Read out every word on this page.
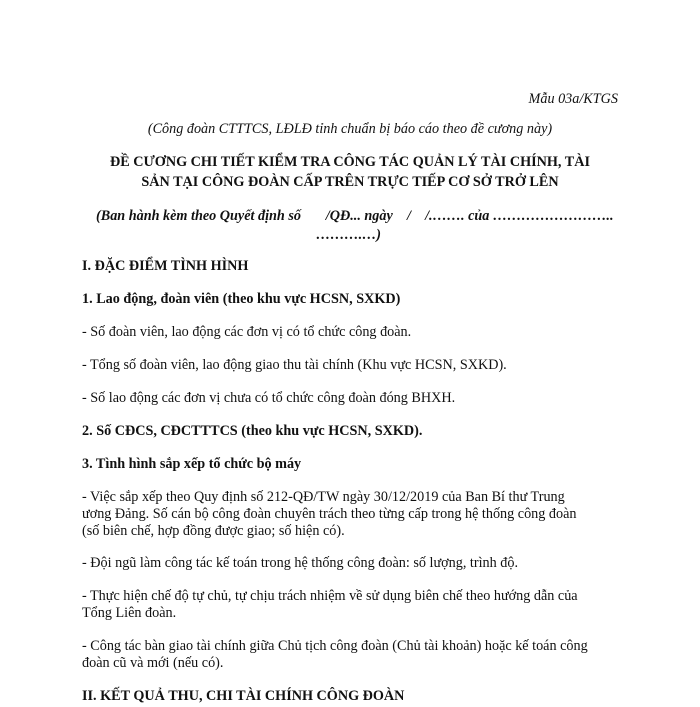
Mẫu 03a/KTGS

(Công đoàn CTTTCS, LĐLĐ tỉnh chuẩn bị báo cáo theo đề cương này)

ĐỀ CƯƠNG CHI TIẾT KIỂM TRA CÔNG TÁC QUẢN LÝ TÀI CHÍNH, TÀI

SẢN TẠI CÔNG ĐOÀN CẤP TRÊN TRỰC TIẾP CƠ SỞ TRỞ LÊN

(Ban hành kèm theo Quyết định số       /QĐ... ngày    /    /.……. của ……………………..

……….…)

I. ĐẶC ĐIỂM TÌNH HÌNH

1. Lao động, đoàn viên (theo khu vực HCSN, SXKD)

- Số đoàn viên, lao động các đơn vị có tổ chức công đoàn.

- Tổng số đoàn viên, lao động giao thu tài chính (Khu vực HCSN, SXKD).

- Số lao động các đơn vị chưa có tổ chức công đoàn đóng BHXH.

2. Số CĐCS, CĐCTTTCS (theo khu vực HCSN, SXKD).

3. Tình hình sắp xếp tổ chức bộ máy

- Việc sắp xếp theo Quy định số 212-QĐ/TW ngày 30/12/2019 của Ban Bí thư Trung

ương Đảng. Số cán bộ công đoàn chuyên trách theo từng cấp trong hệ thống công đoàn

(số biên chế, hợp đồng được giao; số hiện có).

- Đội ngũ làm công tác kế toán trong hệ thống công đoàn: số lượng, trình độ.

- Thực hiện chế độ tự chủ, tự chịu trách nhiệm về sử dụng biên chế theo hướng dẫn của

Tổng Liên đoàn.

- Công tác bàn giao tài chính giữa Chủ tịch công đoàn (Chủ tài khoản) hoặc kế toán công

đoàn cũ và mới (nếu có).

II. KẾT QUẢ THU, CHI TÀI CHÍNH CÔNG ĐOÀN
